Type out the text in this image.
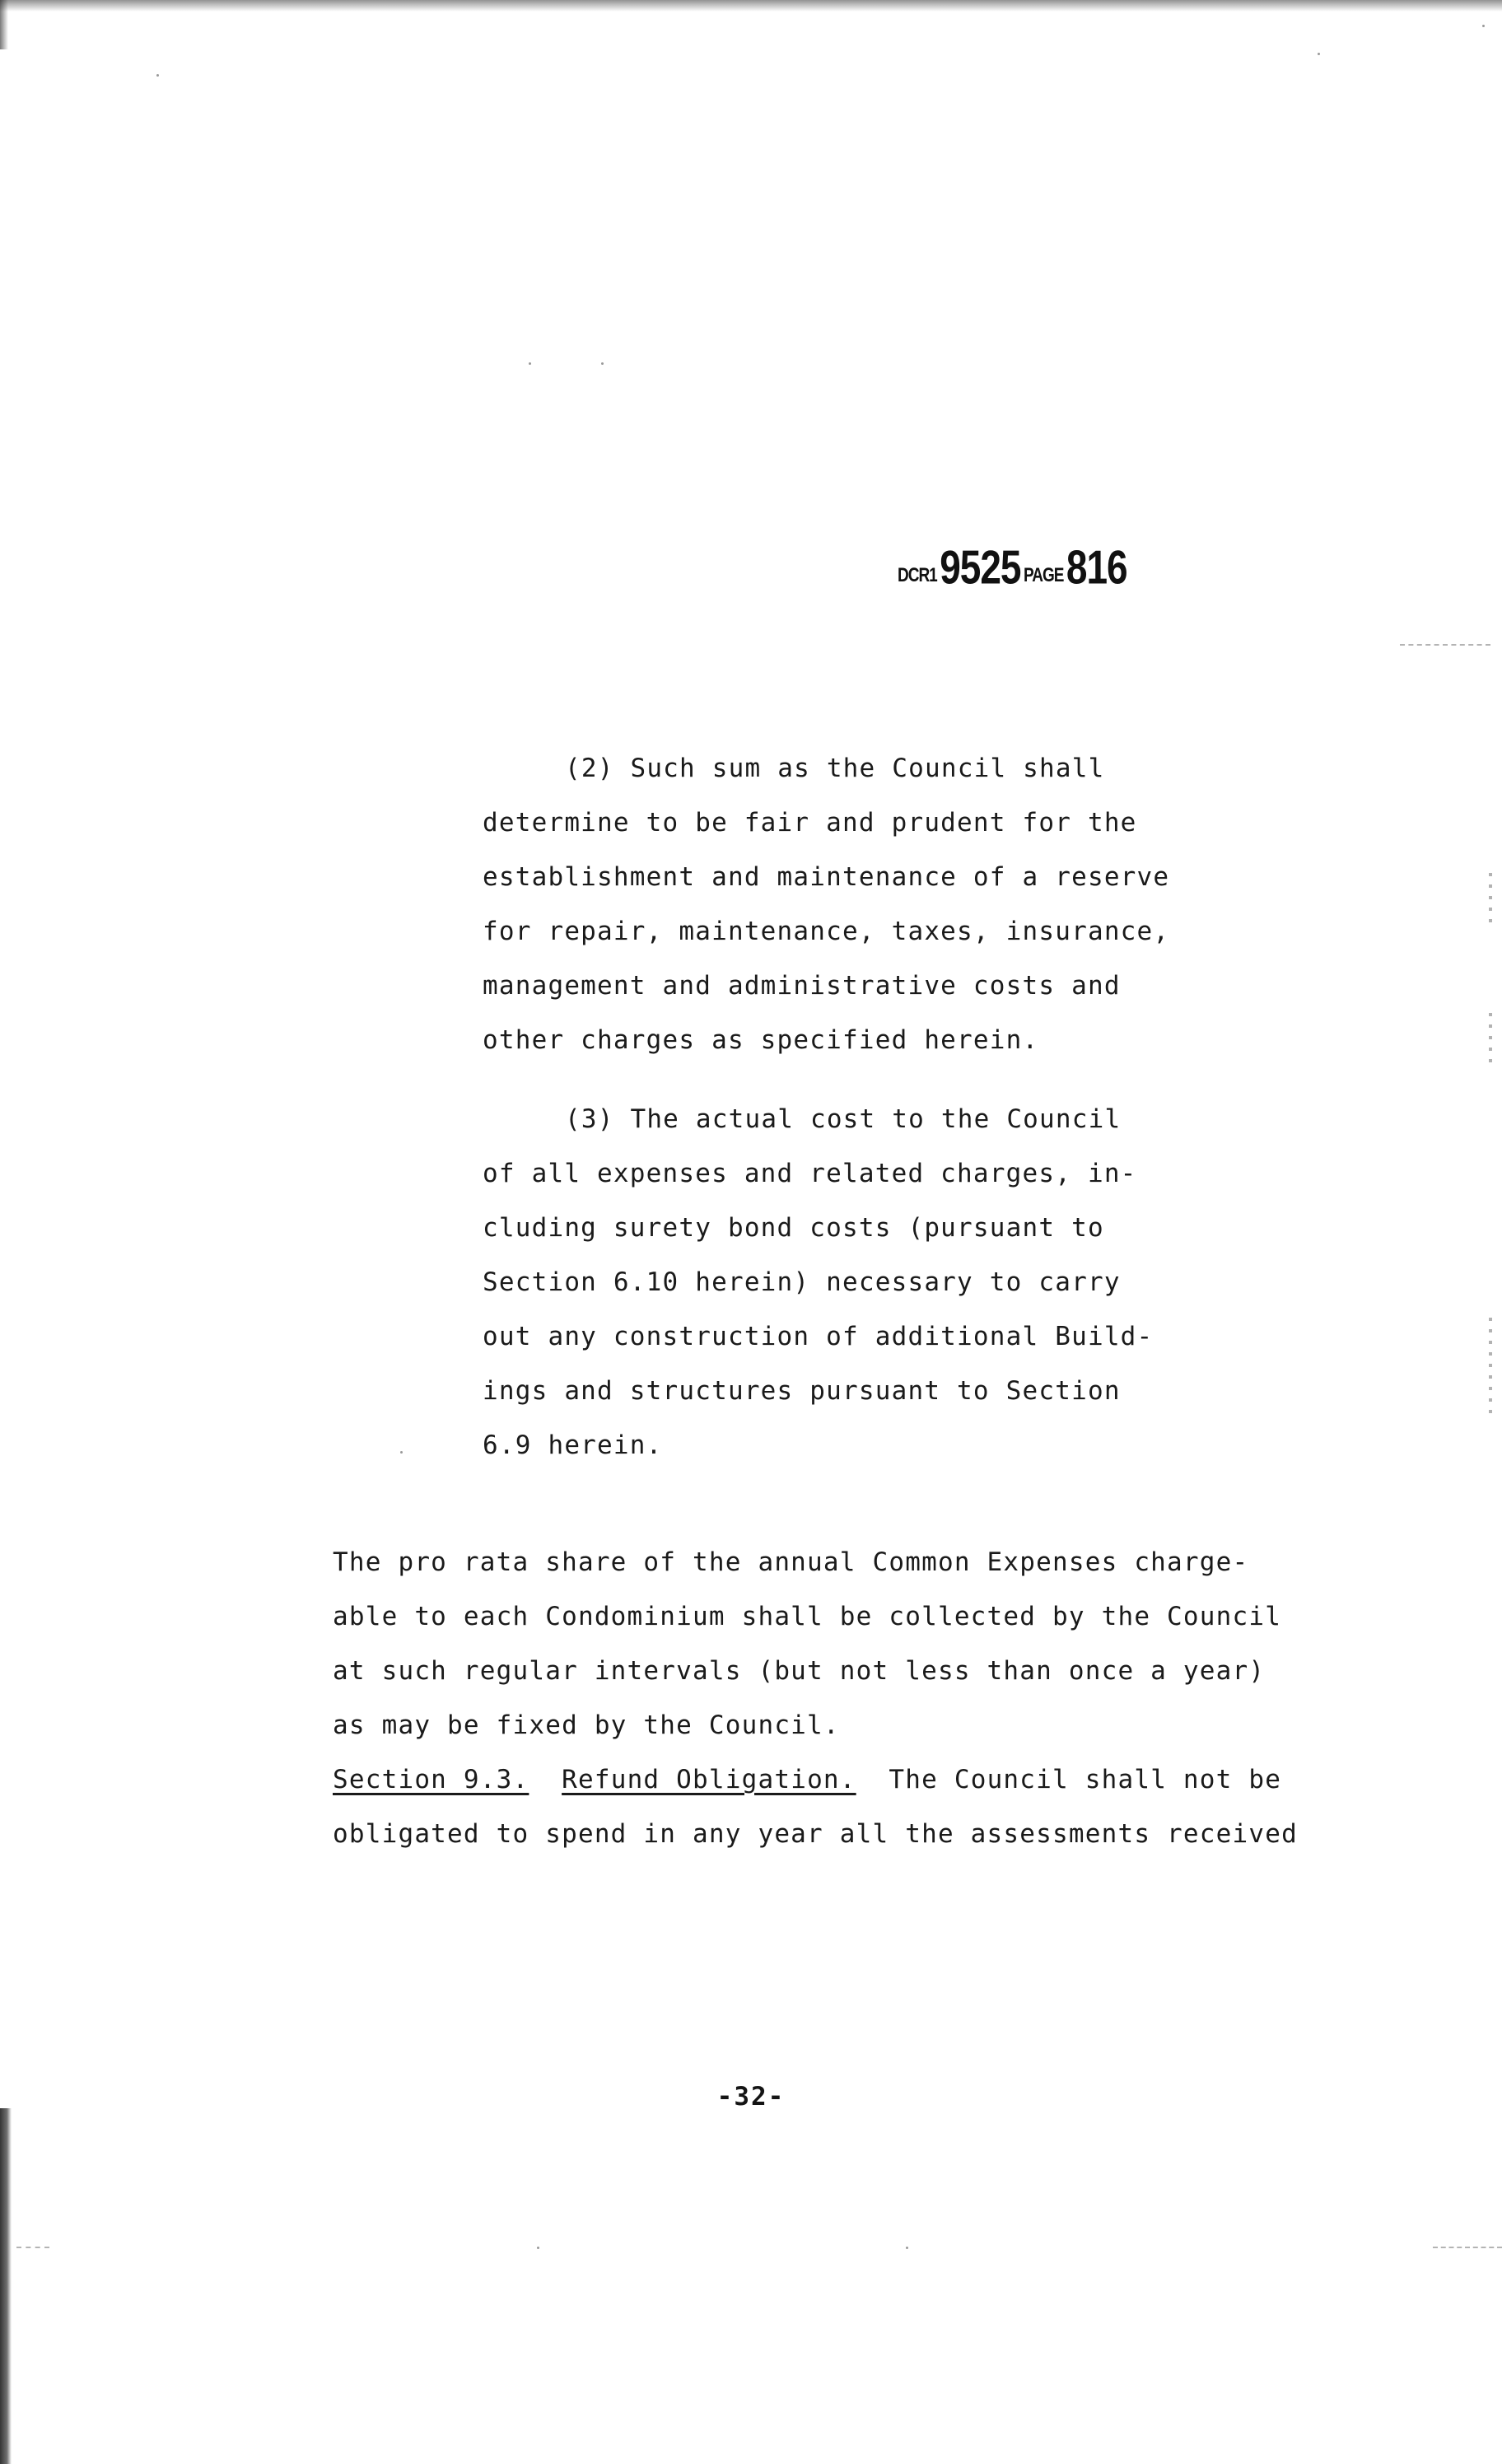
DCR1 9525 PAGE 816
(2) Such sum as the Council shall
determine to be fair and prudent for the
establishment and maintenance of a reserve
for repair, maintenance, taxes, insurance,
management and administrative costs and
other charges as specified herein.
(3) The actual cost to the Council
of all expenses and related charges, in-
cluding surety bond costs (pursuant to
Section 6.10 herein) necessary to carry
out any construction of additional Build-
ings and structures pursuant to Section
6.9 herein.
The pro rata share of the annual Common Expenses charge-
able to each Condominium shall be collected by the Council
at such regular intervals (but not less than once a year)
as may be fixed by the Council.
Section 9.3. Refund Obligation. The Council shall not be
obligated to spend in any year all the assessments received
-32-
